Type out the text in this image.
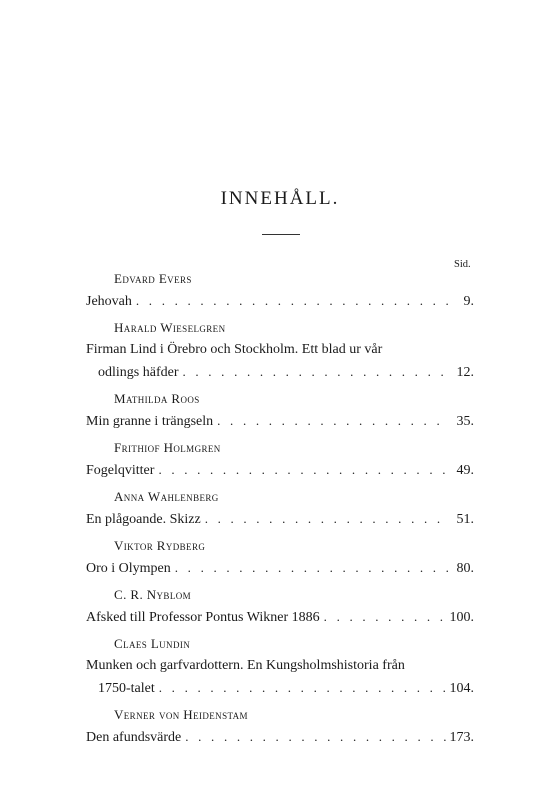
INNEHÅLL.
Sid.
Edvard Evers
Jehovah . . .	9.
Harald Wieselgren
Firman Lind i Örebro och Stockholm. Ett blad ur vår
odlings häfder . . .	12.
Mathilda Roos
Min granne i trängseln . . .	35.
Frithiof Holmgren
Fogelqvitter . . .	49.
Anna Wahlenberg
En plågoande. Skizz . . .	51.
Viktor Rydberg
Oro i Olympen . . .	80.
C. R. Nyblom
Afsked till Professor Pontus Wikner 1886 . . .	100.
Claes Lundin
Munken och garfvardottern. En Kungsholmshistoria från
1750-talet . . .	104.
Verner von Heidenstam
Den afundsvärde . . .	173.
